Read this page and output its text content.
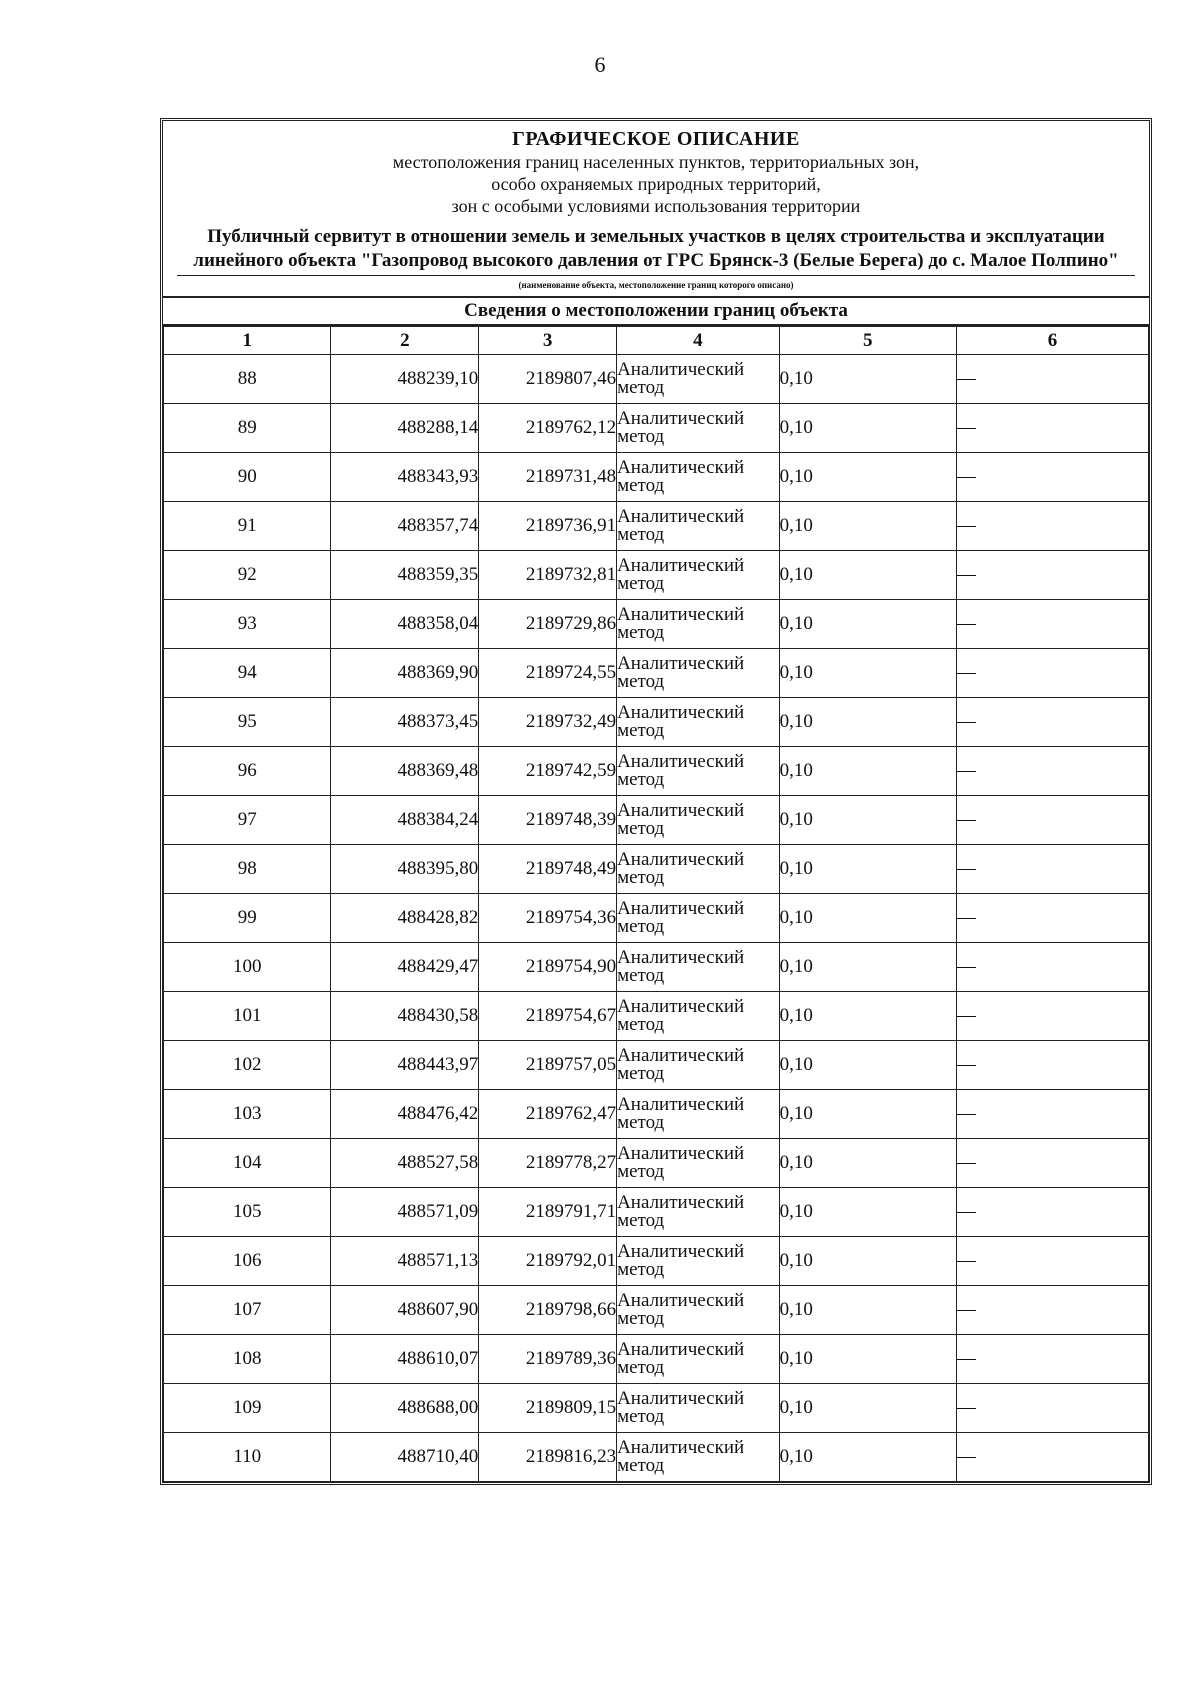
6
ГРАФИЧЕСКОЕ ОПИСАНИЕ
местоположения границ населенных пунктов, территориальных зон,
особо охраняемых природных территорий,
зон с особыми условиями использования территории
Публичный сервитут в отношении земель и земельных участков в целях строительства и эксплуатации линейного объекта "Газопровод высокого давления от ГРС Брянск-3 (Белые Берега) до с. Малое Полпино"
(наименование объекта, местоположение границ которого описано)
Сведения о местоположении границ объекта
1	2	3	4	5	6
88	488239,10	2189807,46	Аналитический метод	0,10	—
89	488288,14	2189762,12	Аналитический метод	0,10	—
90	488343,93	2189731,48	Аналитический метод	0,10	—
91	488357,74	2189736,91	Аналитический метод	0,10	—
92	488359,35	2189732,81	Аналитический метод	0,10	—
93	488358,04	2189729,86	Аналитический метод	0,10	—
94	488369,90	2189724,55	Аналитический метод	0,10	—
95	488373,45	2189732,49	Аналитический метод	0,10	—
96	488369,48	2189742,59	Аналитический метод	0,10	—
97	488384,24	2189748,39	Аналитический метод	0,10	—
98	488395,80	2189748,49	Аналитический метод	0,10	—
99	488428,82	2189754,36	Аналитический метод	0,10	—
100	488429,47	2189754,90	Аналитический метод	0,10	—
101	488430,58	2189754,67	Аналитический метод	0,10	—
102	488443,97	2189757,05	Аналитический метод	0,10	—
103	488476,42	2189762,47	Аналитический метод	0,10	—
104	488527,58	2189778,27	Аналитический метод	0,10	—
105	488571,09	2189791,71	Аналитический метод	0,10	—
106	488571,13	2189792,01	Аналитический метод	0,10	—
107	488607,90	2189798,66	Аналитический метод	0,10	—
108	488610,07	2189789,36	Аналитический метод	0,10	—
109	488688,00	2189809,15	Аналитический метод	0,10	—
110	488710,40	2189816,23	Аналитический метод	0,10	—
